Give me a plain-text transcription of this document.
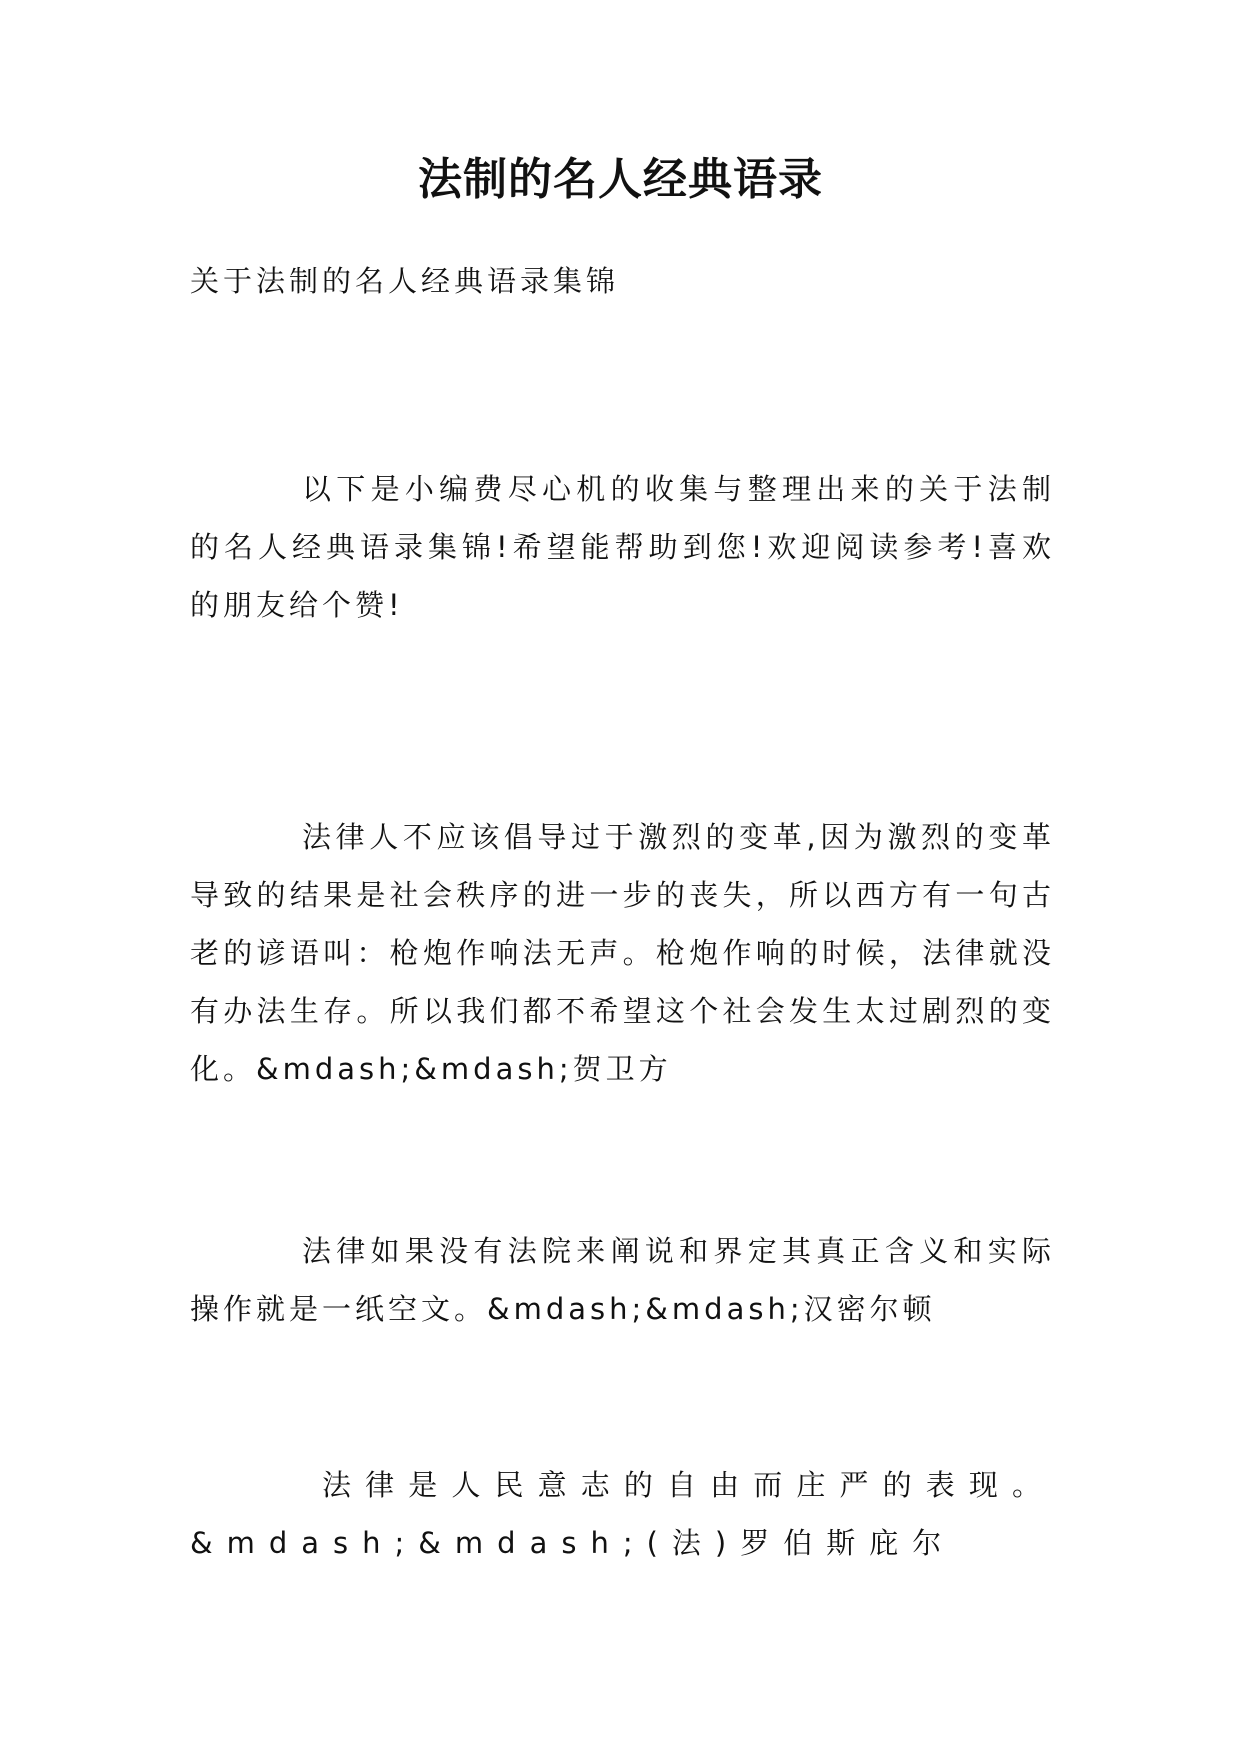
法制的名人经典语录

关于法制的名人经典语录集锦

以下是小编费尽心机的收集与整理出来的关于法制的名人经典语录集锦!希望能帮助到您!欢迎阅读参考!喜欢的朋友给个赞!

法律人不应该倡导过于激烈的变革,因为激烈的变革导致的结果是社会秩序的进一步的丧失，所以西方有一句古老的谚语叫：枪炮作响法无声。枪炮作响的时候，法律就没有办法生存。所以我们都不希望这个社会发生太过剧烈的变化。&mdash;&mdash;贺卫方

法律如果没有法院来阐说和界定其真正含义和实际操作就是一纸空文。&mdash;&mdash;汉密尔顿

法律是人民意志的自由而庄严的表现。&mdash;&mdash;(法)罗伯斯庇尔
